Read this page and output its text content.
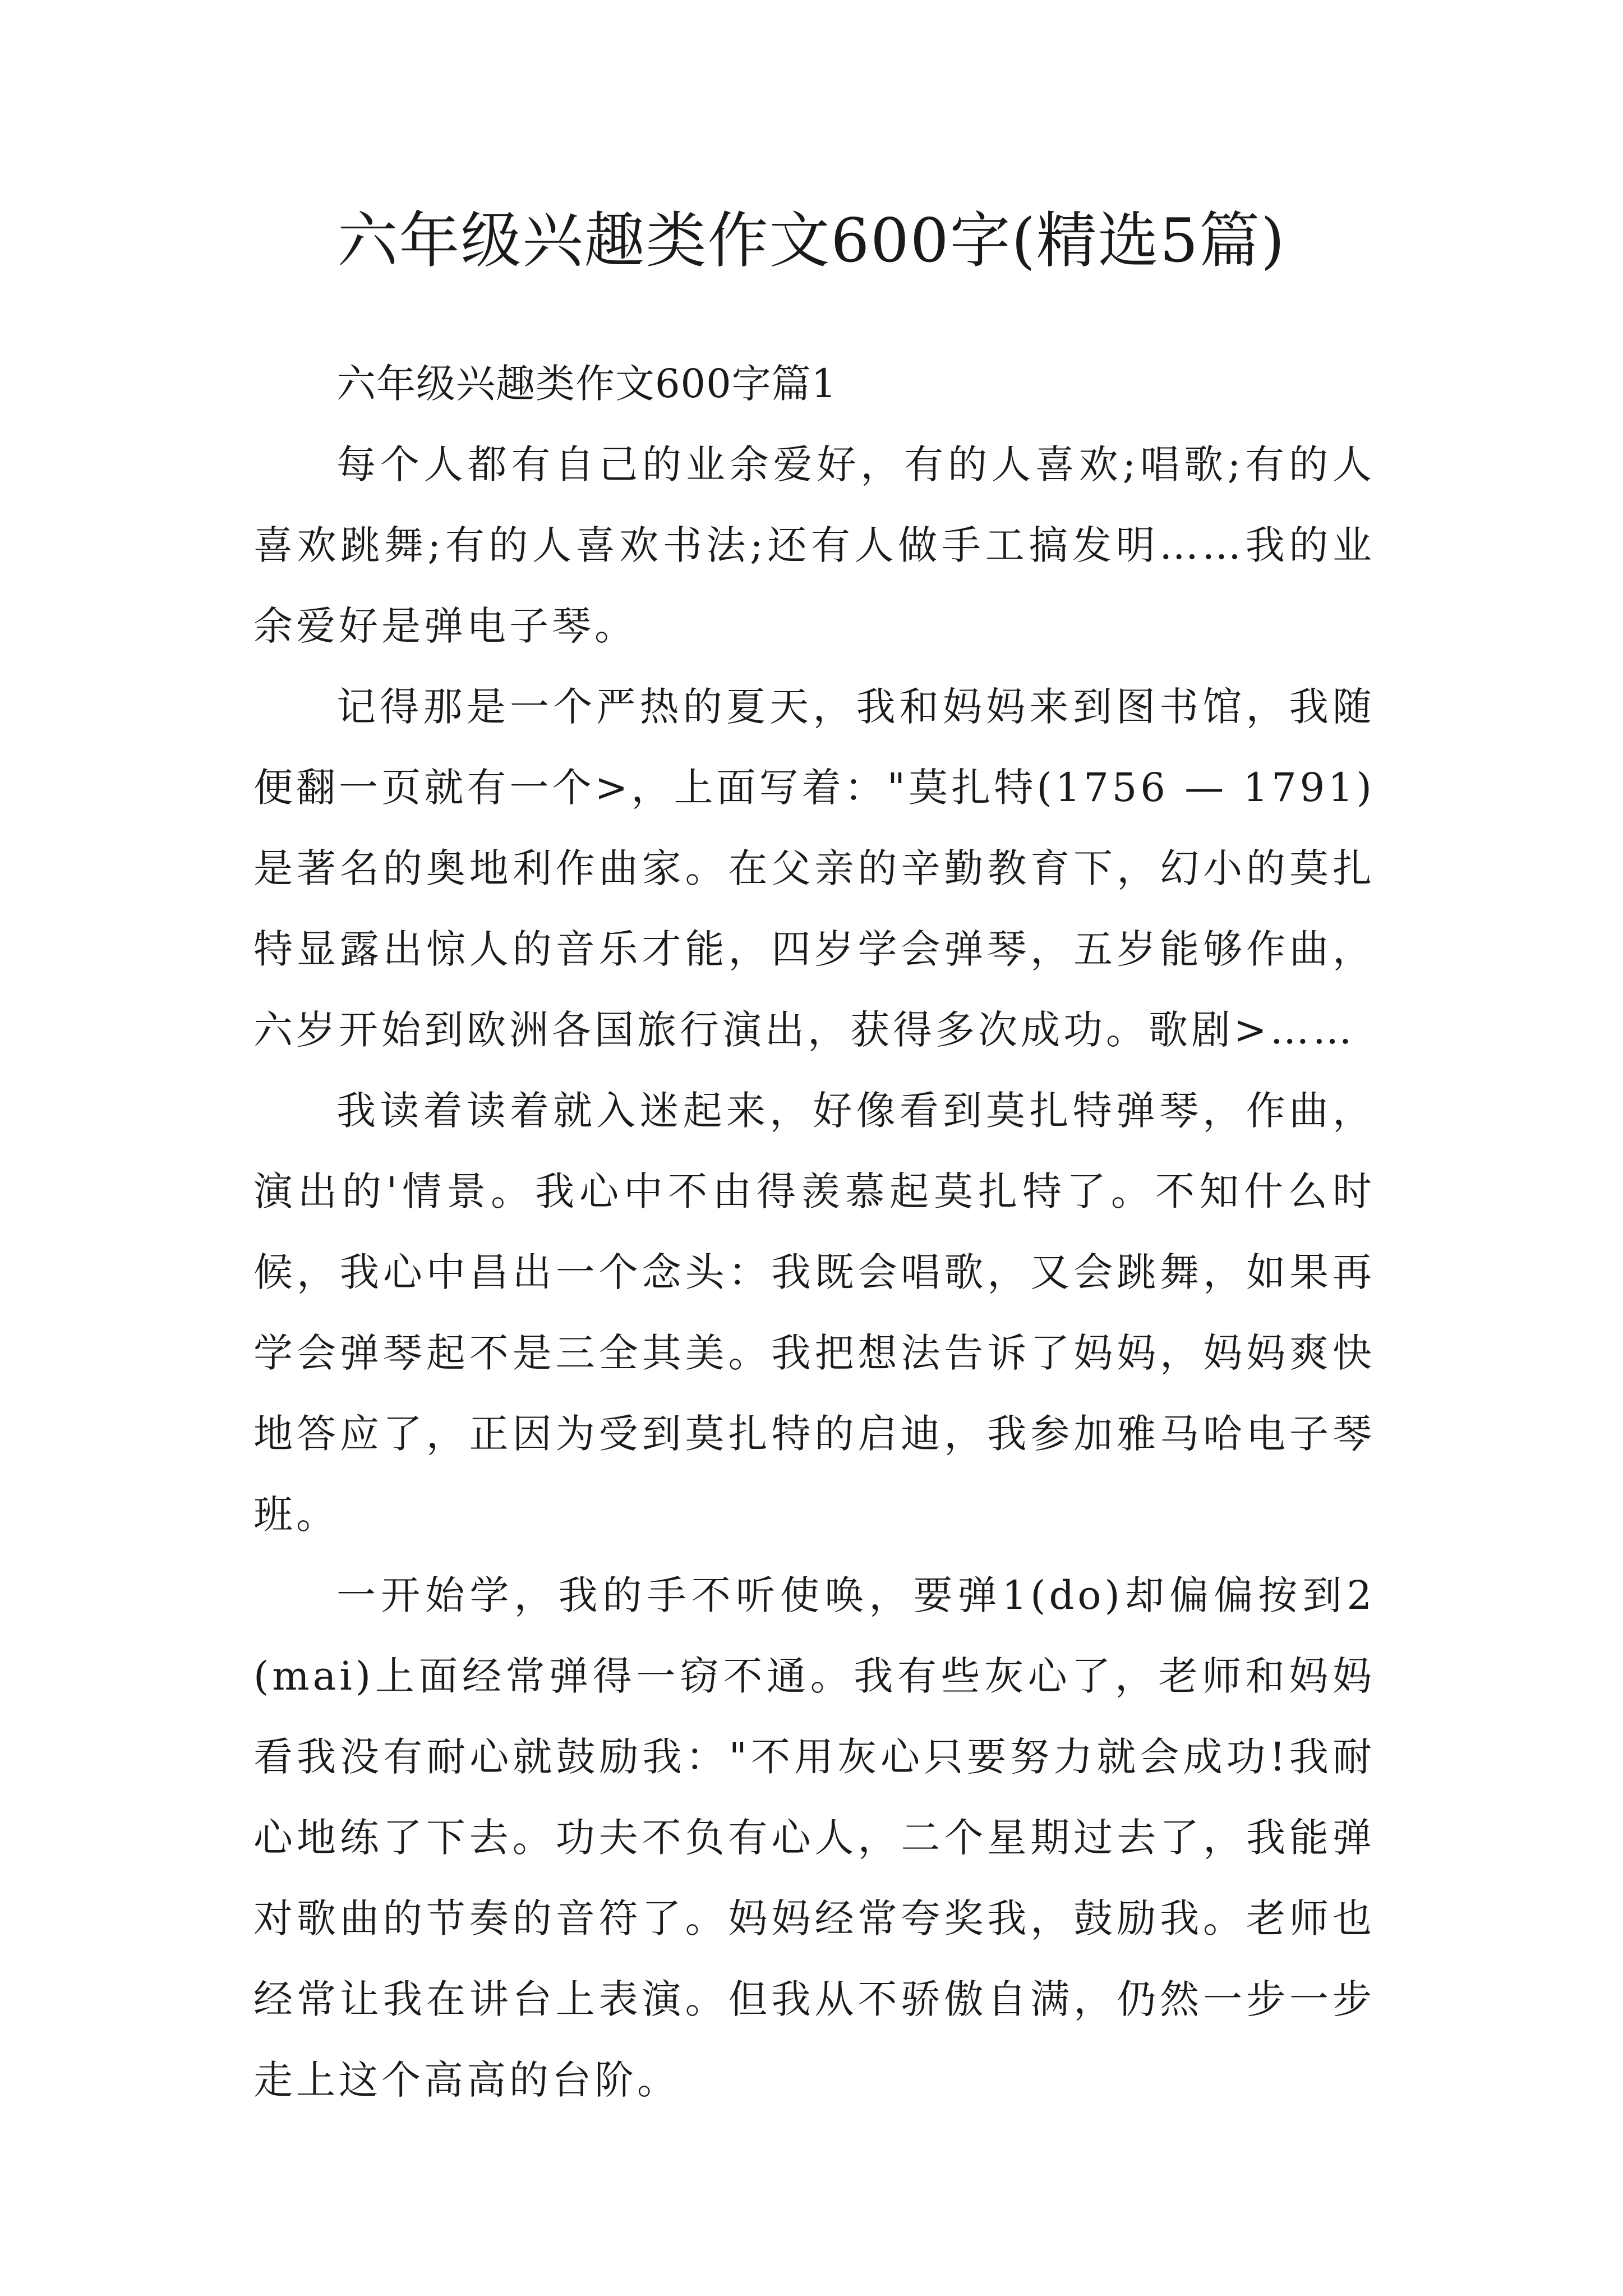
六年级兴趣类作文600字(精选5篇)

六年级兴趣类作文600字篇1

每个人都有自己的业余爱好，有的人喜欢;唱歌;有的人喜欢跳舞;有的人喜欢书法;还有人做手工搞发明……我的业余爱好是弹电子琴。

记得那是一个严热的夏天，我和妈妈来到图书馆，我随便翻一页就有一个>，上面写着："莫扎特(1756 — 1791)是著名的奥地利作曲家。在父亲的辛勤教育下，幻小的莫扎特显露出惊人的音乐才能，四岁学会弹琴，五岁能够作曲，六岁开始到欧洲各国旅行演出，获得多次成功。歌剧>……

我读着读着就入迷起来，好像看到莫扎特弹琴，作曲，演出的'情景。我心中不由得羡慕起莫扎特了。不知什么时候，我心中昌出一个念头：我既会唱歌，又会跳舞，如果再学会弹琴起不是三全其美。我把想法告诉了妈妈，妈妈爽快地答应了，正因为受到莫扎特的启迪，我参加雅马哈电子琴班。

一开始学，我的手不听使唤，要弹1(do)却偏偏按到2(mai)上面经常弹得一窃不通。我有些灰心了，老师和妈妈看我没有耐心就鼓励我："不用灰心只要努力就会成功!我耐心地练了下去。功夫不负有心人，二个星期过去了，我能弹对歌曲的节奏的音符了。妈妈经常夸奖我，鼓励我。老师也经常让我在讲台上表演。但我从不骄傲自满，仍然一步一步走上这个高高的台阶。
